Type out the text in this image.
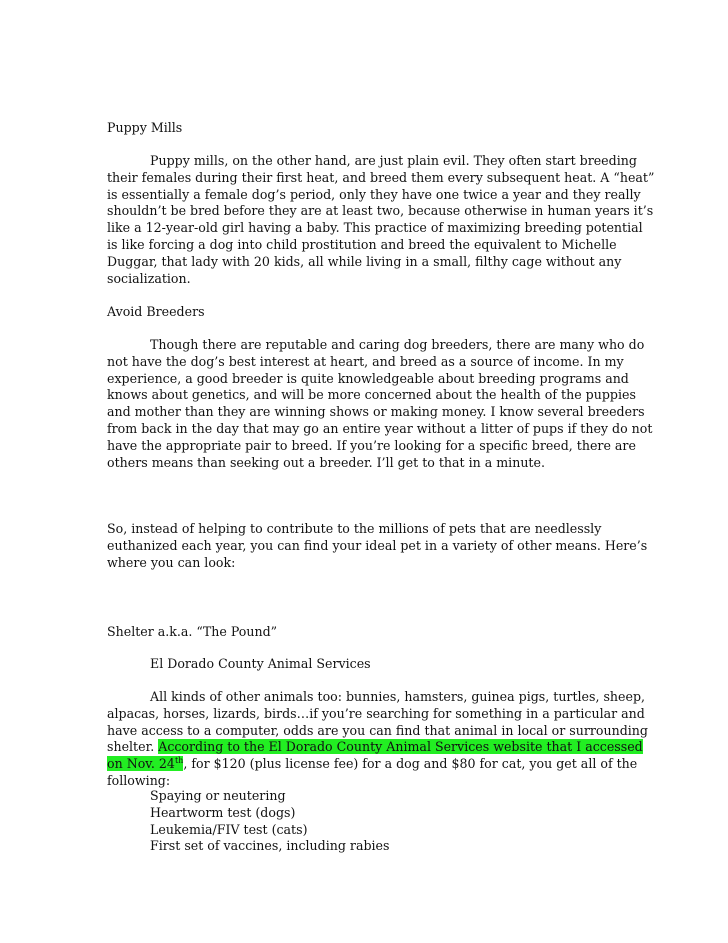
Puppy Mills
Puppy mills, on the other hand, are just plain evil. They often start breeding
their females during their first heat, and breed them every subsequent heat. A “heat”
is essentially a female dog’s period, only they have one twice a year and they really
shouldn’t be bred before they are at least two, because otherwise in human years it’s
like a 12-year-old girl having a baby. This practice of maximizing breeding potential
is like forcing a dog into child prostitution and breed the equivalent to Michelle
Duggar, that lady with 20 kids, all while living in a small, filthy cage without any
socialization.
Avoid Breeders
Though there are reputable and caring dog breeders, there are many who do
not have the dog’s best interest at heart, and breed as a source of income. In my
experience, a good breeder is quite knowledgeable about breeding programs and
knows about genetics, and will be more concerned about the health of the puppies
and mother than they are winning shows or making money. I know several breeders
from back in the day that may go an entire year without a litter of pups if they do not
have the appropriate pair to breed. If you’re looking for a specific breed, there are
others means than seeking out a breeder. I’ll get to that in a minute.
So, instead of helping to contribute to the millions of pets that are needlessly
euthanized each year, you can find your ideal pet in a variety of other means. Here’s
where you can look:
Shelter a.k.a. “The Pound”
El Dorado County Animal Services
All kinds of other animals too: bunnies, hamsters, guinea pigs, turtles, sheep,
alpacas, horses, lizards, birds…if you’re searching for something in a particular and
have access to a computer, odds are you can find that animal in local or surrounding
shelter. According to the El Dorado County Animal Services website that I accessed
on Nov. 24th, for $120 (plus license fee) for a dog and $80 for cat, you get all of the
following:
Spaying or neutering
Heartworm test (dogs)
Leukemia/FIV test (cats)
First set of vaccines, including rabies
